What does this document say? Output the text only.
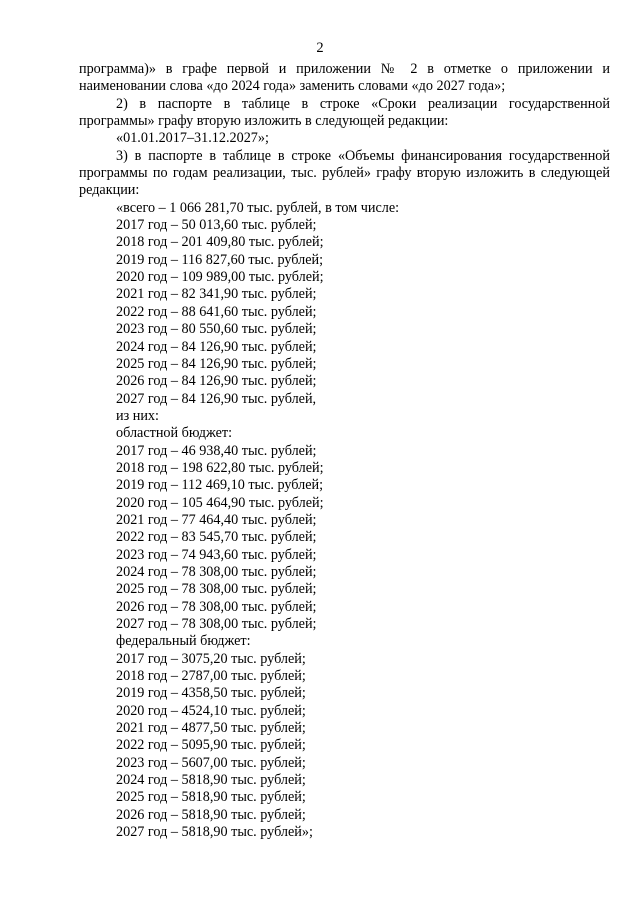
2

программа)» в графе первой и приложении № 2 в отметке о приложении и наименовании слова «до 2024 года» заменить словами «до 2027 года»;

2) в паспорте в таблице в строке «Сроки реализации государственной программы» графу вторую изложить в следующей редакции:

«01.01.2017–31.12.2027»;

3) в паспорте в таблице в строке «Объемы финансирования государственной программы по годам реализации, тыс. рублей» графу вторую изложить в следующей редакции:

«всего – 1 066 281,70 тыс. рублей, в том числе:

2017 год – 50 013,60 тыс. рублей;

2018 год – 201 409,80 тыс. рублей;

2019 год – 116 827,60 тыс. рублей;

2020 год – 109 989,00 тыс. рублей;

2021 год – 82 341,90 тыс. рублей;

2022 год – 88 641,60 тыс. рублей;

2023 год – 80 550,60 тыс. рублей;

2024 год – 84 126,90 тыс. рублей;

2025 год – 84 126,90 тыс. рублей;

2026 год – 84 126,90 тыс. рублей;

2027 год – 84 126,90 тыс. рублей,

из них:

областной бюджет:

2017 год – 46 938,40 тыс. рублей;

2018 год – 198 622,80 тыс. рублей;

2019 год – 112 469,10 тыс. рублей;

2020 год – 105 464,90 тыс. рублей;

2021 год – 77 464,40 тыс. рублей;

2022 год – 83 545,70 тыс. рублей;

2023 год – 74 943,60 тыс. рублей;

2024 год – 78 308,00 тыс. рублей;

2025 год – 78 308,00 тыс. рублей;

2026 год – 78 308,00 тыс. рублей;

2027 год – 78 308,00 тыс. рублей;

федеральный бюджет:

2017 год – 3075,20 тыс. рублей;

2018 год – 2787,00 тыс. рублей;

2019 год – 4358,50 тыс. рублей;

2020 год – 4524,10 тыс. рублей;

2021 год – 4877,50 тыс. рублей;

2022 год – 5095,90 тыс. рублей;

2023 год – 5607,00 тыс. рублей;

2024 год – 5818,90 тыс. рублей;

2025 год – 5818,90 тыс. рублей;

2026 год – 5818,90 тыс. рублей;

2027 год – 5818,90 тыс. рублей»;
